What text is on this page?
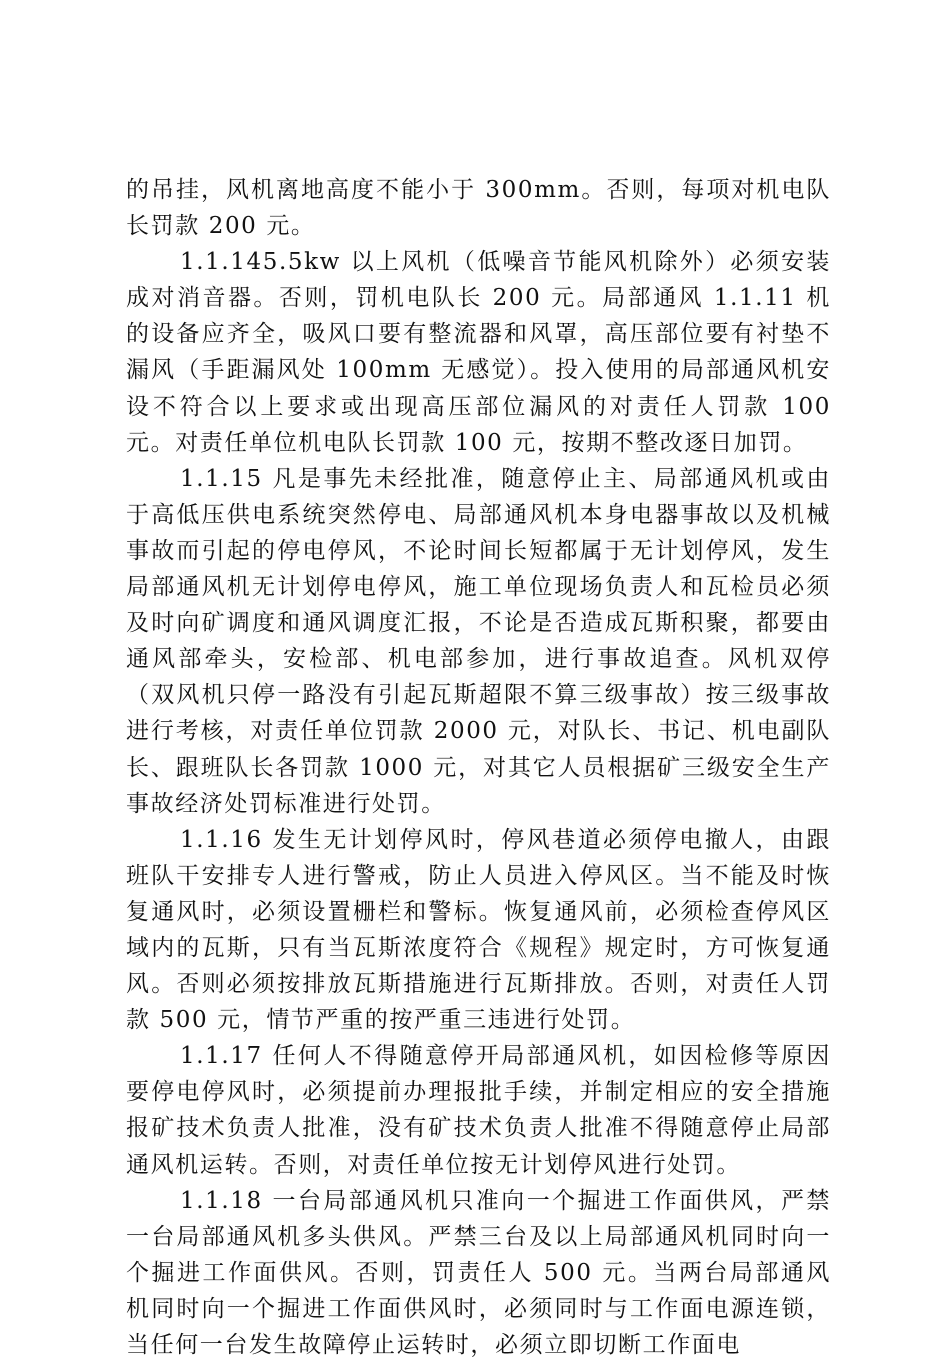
的吊挂，风机离地高度不能小于 300mm。否则，每项对机电队长罚款 200 元。

1.1.145.5kw 以上风机（低噪音节能风机除外）必须安装成对消音器。否则，罚机电队长 200 元。局部通风 1.1.11 机的设备应齐全，吸风口要有整流器和风罩，高压部位要有衬垫不漏风（手距漏风处 100mm 无感觉）。投入使用的局部通风机安设不符合以上要求或出现高压部位漏风的对责任人罚款 100 元。对责任单位机电队长罚款 100 元，按期不整改逐日加罚。

1.1.15 凡是事先未经批准，随意停止主、局部通风机或由于高低压供电系统突然停电、局部通风机本身电器事故以及机械事故而引起的停电停风，不论时间长短都属于无计划停风，发生局部通风机无计划停电停风，施工单位现场负责人和瓦检员必须及时向矿调度和通风调度汇报，不论是否造成瓦斯积聚，都要由通风部牵头，安检部、机电部参加，进行事故追查。风机双停（双风机只停一路没有引起瓦斯超限不算三级事故）按三级事故进行考核，对责任单位罚款 2000 元，对队长、书记、机电副队长、跟班队长各罚款 1000 元，对其它人员根据矿三级安全生产事故经济处罚标准进行处罚。

1.1.16 发生无计划停风时，停风巷道必须停电撤人，由跟班队干安排专人进行警戒，防止人员进入停风区。当不能及时恢复通风时，必须设置栅栏和警标。恢复通风前，必须检查停风区域内的瓦斯，只有当瓦斯浓度符合《规程》规定时，方可恢复通风。否则必须按排放瓦斯措施进行瓦斯排放。否则，对责任人罚款 500 元，情节严重的按严重三违进行处罚。

1.1.17 任何人不得随意停开局部通风机，如因检修等原因要停电停风时，必须提前办理报批手续，并制定相应的安全措施报矿技术负责人批准，没有矿技术负责人批准不得随意停止局部通风机运转。否则，对责任单位按无计划停风进行处罚。

1.1.18 一台局部通风机只准向一个掘进工作面供风，严禁一台局部通风机多头供风。严禁三台及以上局部通风机同时向一个掘进工作面供风。否则，罚责任人 500 元。当两台局部通风机同时向一个掘进工作面供风时，必须同时与工作面电源连锁，当任何一台发生故障停止运转时，必须立即切断工作面电
